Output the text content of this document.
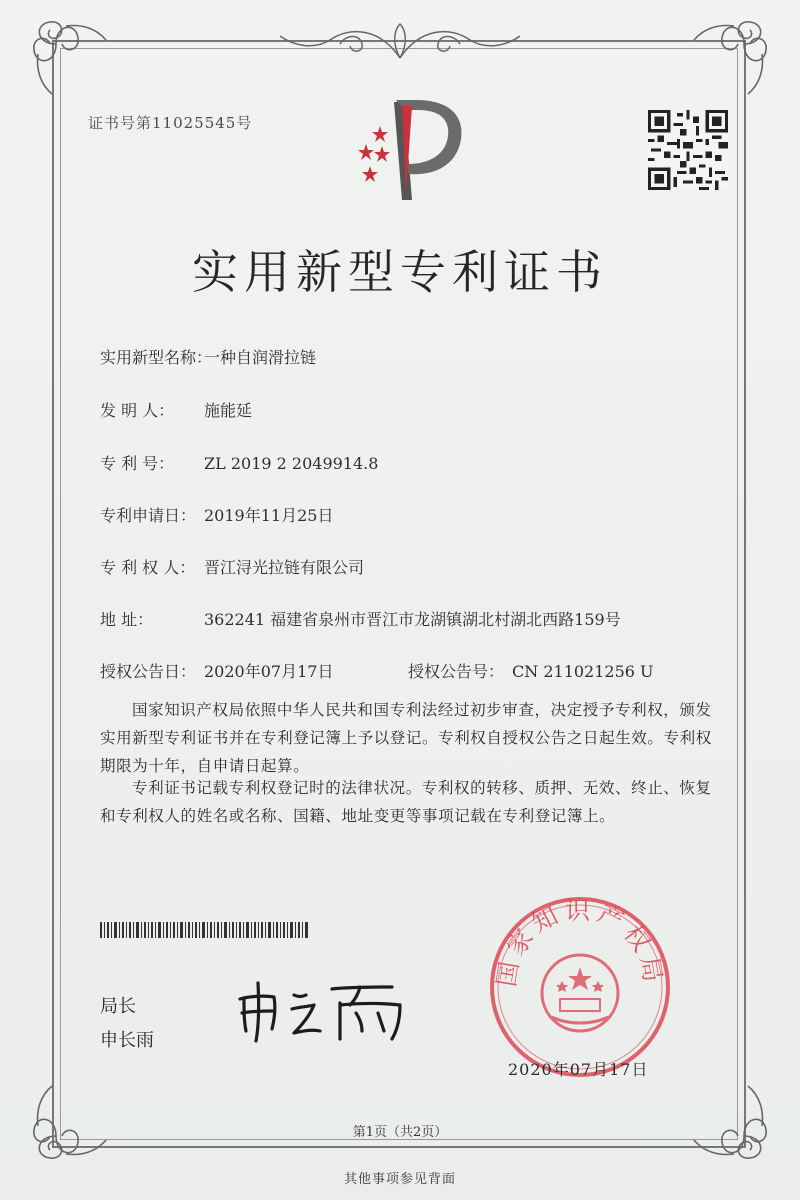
证书号第11025545号
实用新型专利证书
实用新型名称：一种自润滑拉链
发 明 人： 施能延
专 利 号： ZL 2019 2 2049914.8
专利申请日： 2019年11月25日
专 利 权 人： 晋江浔光拉链有限公司
地 址：	362241 福建省泉州市晋江市龙湖镇湖北村湖北西路159号
授权公告日： 2020年07月17日	授权公告号： CN 211021256 U
国家知识产权局依照中华人民共和国专利法经过初步审查，决定授予专利权，颁发实用新型专利证书并在专利登记簿上予以登记。专利权自授权公告之日起生效。专利权期限为十年，自申请日起算。
专利证书记载专利权登记时的法律状况。专利权的转移、质押、无效、终止、恢复和专利权人的姓名或名称、国籍、地址变更等事项记载在专利登记簿上。
局长
申长雨
国家知识产权局
2020年07月17日
第1页（共2页）
其他事项参见背面
